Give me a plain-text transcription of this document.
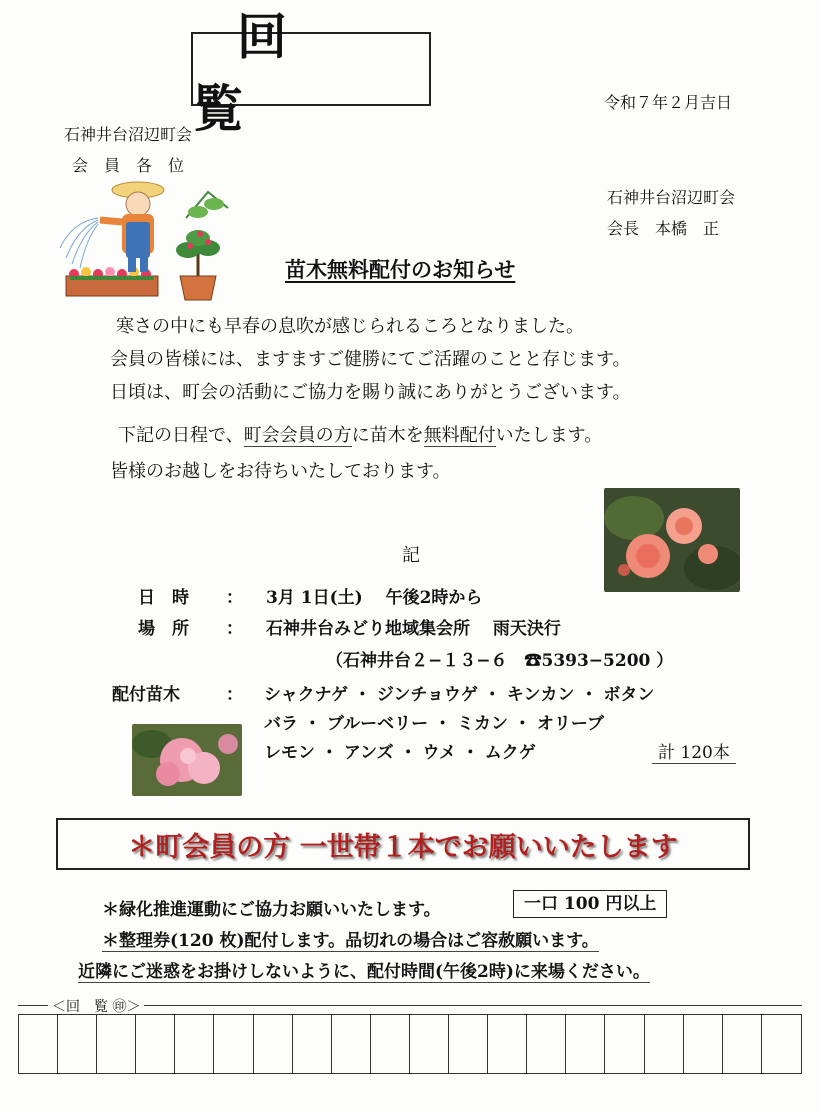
回 覧	令和７年２月吉日
石神井台沼辺町会
会　員　各　位
石神井台沼辺町会
会長　本橋　正
苗木無料配付のお知らせ
寒さの中にも早春の息吹が感じられるころとなりました。
会員の皆様には、ますますご健勝にてご活躍のことと存じます。
日頃は、町会の活動にご協力を賜り誠にありがとうございます。
下記の日程で、町会会員の方に苗木を無料配付いたします。
皆様のお越しをお待ちいたしております。
記
日　時 ： 3月 1日(土)　 午後2時から
場　所 ： 石神井台みどり地域集会所　 雨天決行
（石神井台２−１３−６　☎5393−5200 ）
配付苗木	： シャクナゲ ・ ジンチョウゲ ・ キンカン ・ ボタン
バラ ・ ブルーベリー ・ ミカン ・ オリーブ
レモン ・ アンズ ・ ウメ ・ ムクゲ	計 120本
＊町会員の方 一世帯１本でお願いいたします
＊緑化推進運動にご協力お願いいたします。	一口 100 円以上
＊整理券(120 枚)配付します。品切れの場合はご容赦願います。
近隣にご迷惑をお掛けしないように、配付時間(午後2時)に来場ください。
＜回　覧 ㊞＞
